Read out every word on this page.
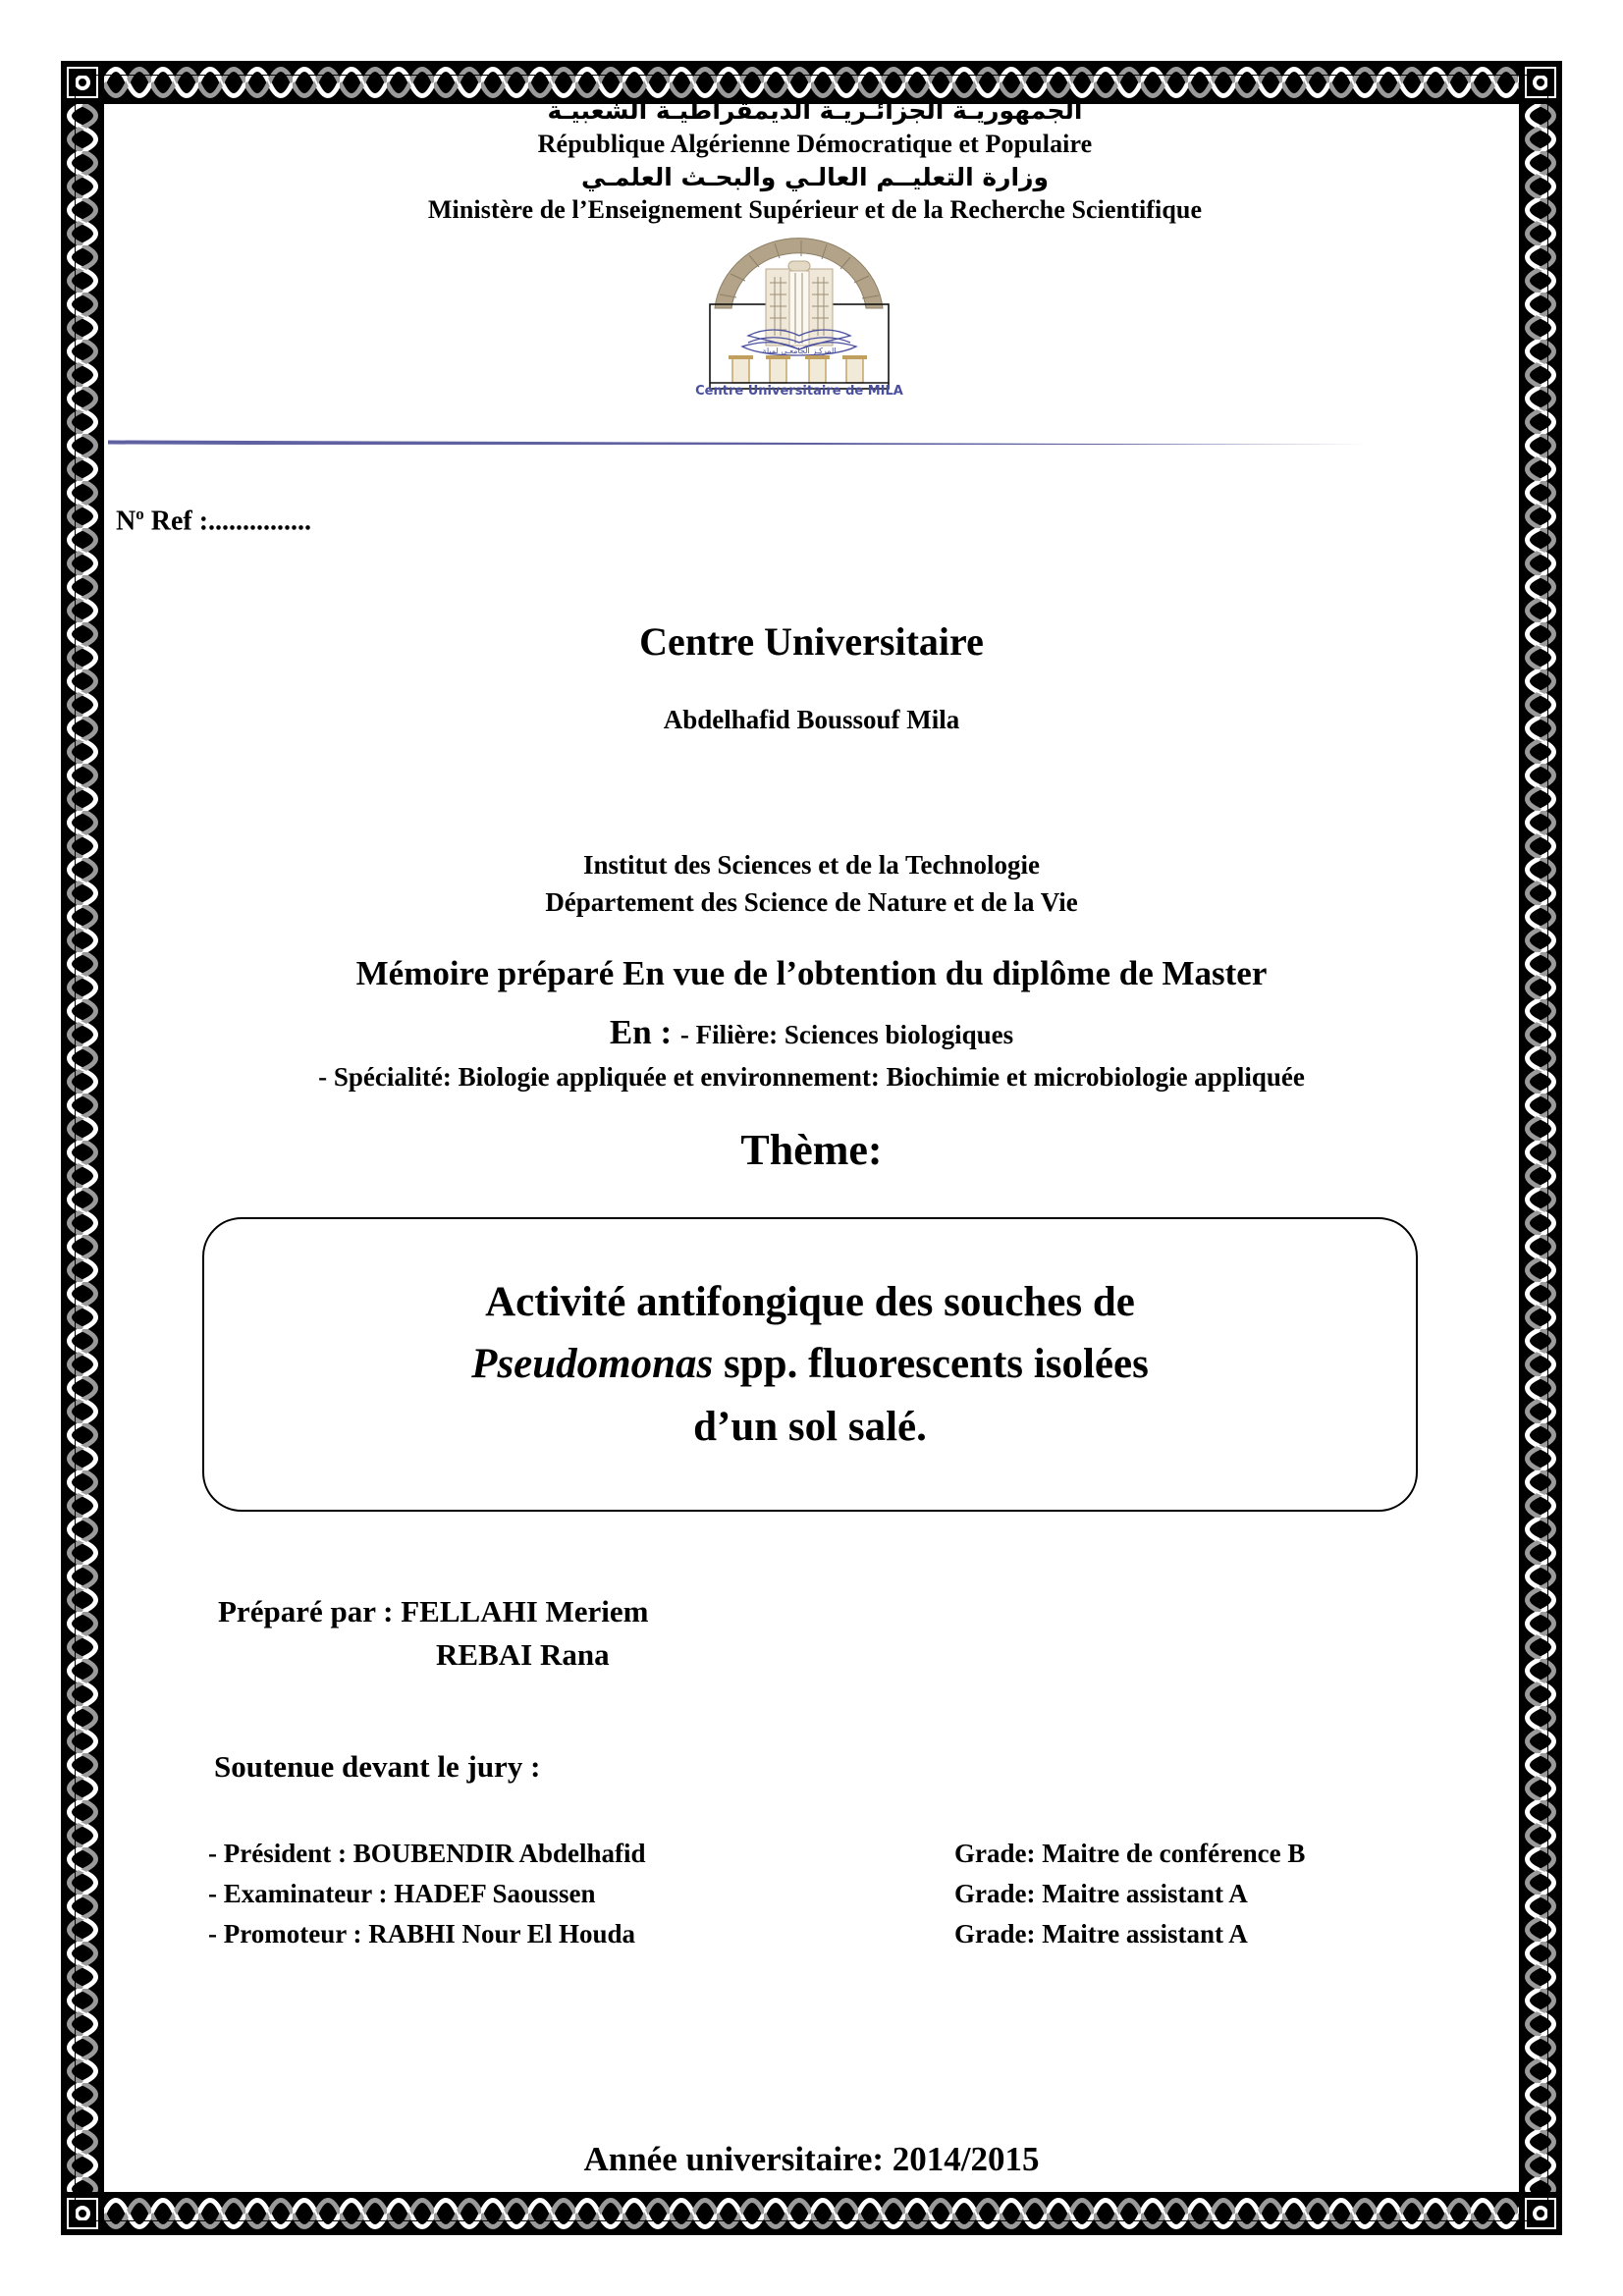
الجمهوريـة الجزائـريـة الديمقراطيـة الشعبيـة
République Algérienne Démocratique et Populaire
وزارة التعليــم العالـي والبحـث العلمـي
Ministère de l’Enseignement Supérieur et de la Recherche Scientifique
المركـز الجامعـي لميلة
Centre Universitaire de MILA
$N^o$ Ref :...............
Centre Universitaire
Abdelhafid Boussouf Mila
Institut des Sciences et de la Technologie
Département des Science de Nature et de la Vie
Mémoire préparé En vue de l’obtention du diplôme de Master
En : - Filière: Sciences biologiques
- Spécialité: Biologie appliquée et environnement: Biochimie et microbiologie appliquée
Thème:
Activité antifongique des souches de
Pseudomonas spp. fluorescents isolées
d’un sol salé.
Préparé par : FELLAHI Meriem
REBAI Rana
Soutenue devant le jury :
- Président : BOUBENDIR Abdelhafid	Grade: Maitre de conférence B
- Examinateur : HADEF Saoussen	Grade: Maitre assistant A
- Promoteur : RABHI Nour El Houda	Grade: Maitre assistant A
Année universitaire: 2014/2015
